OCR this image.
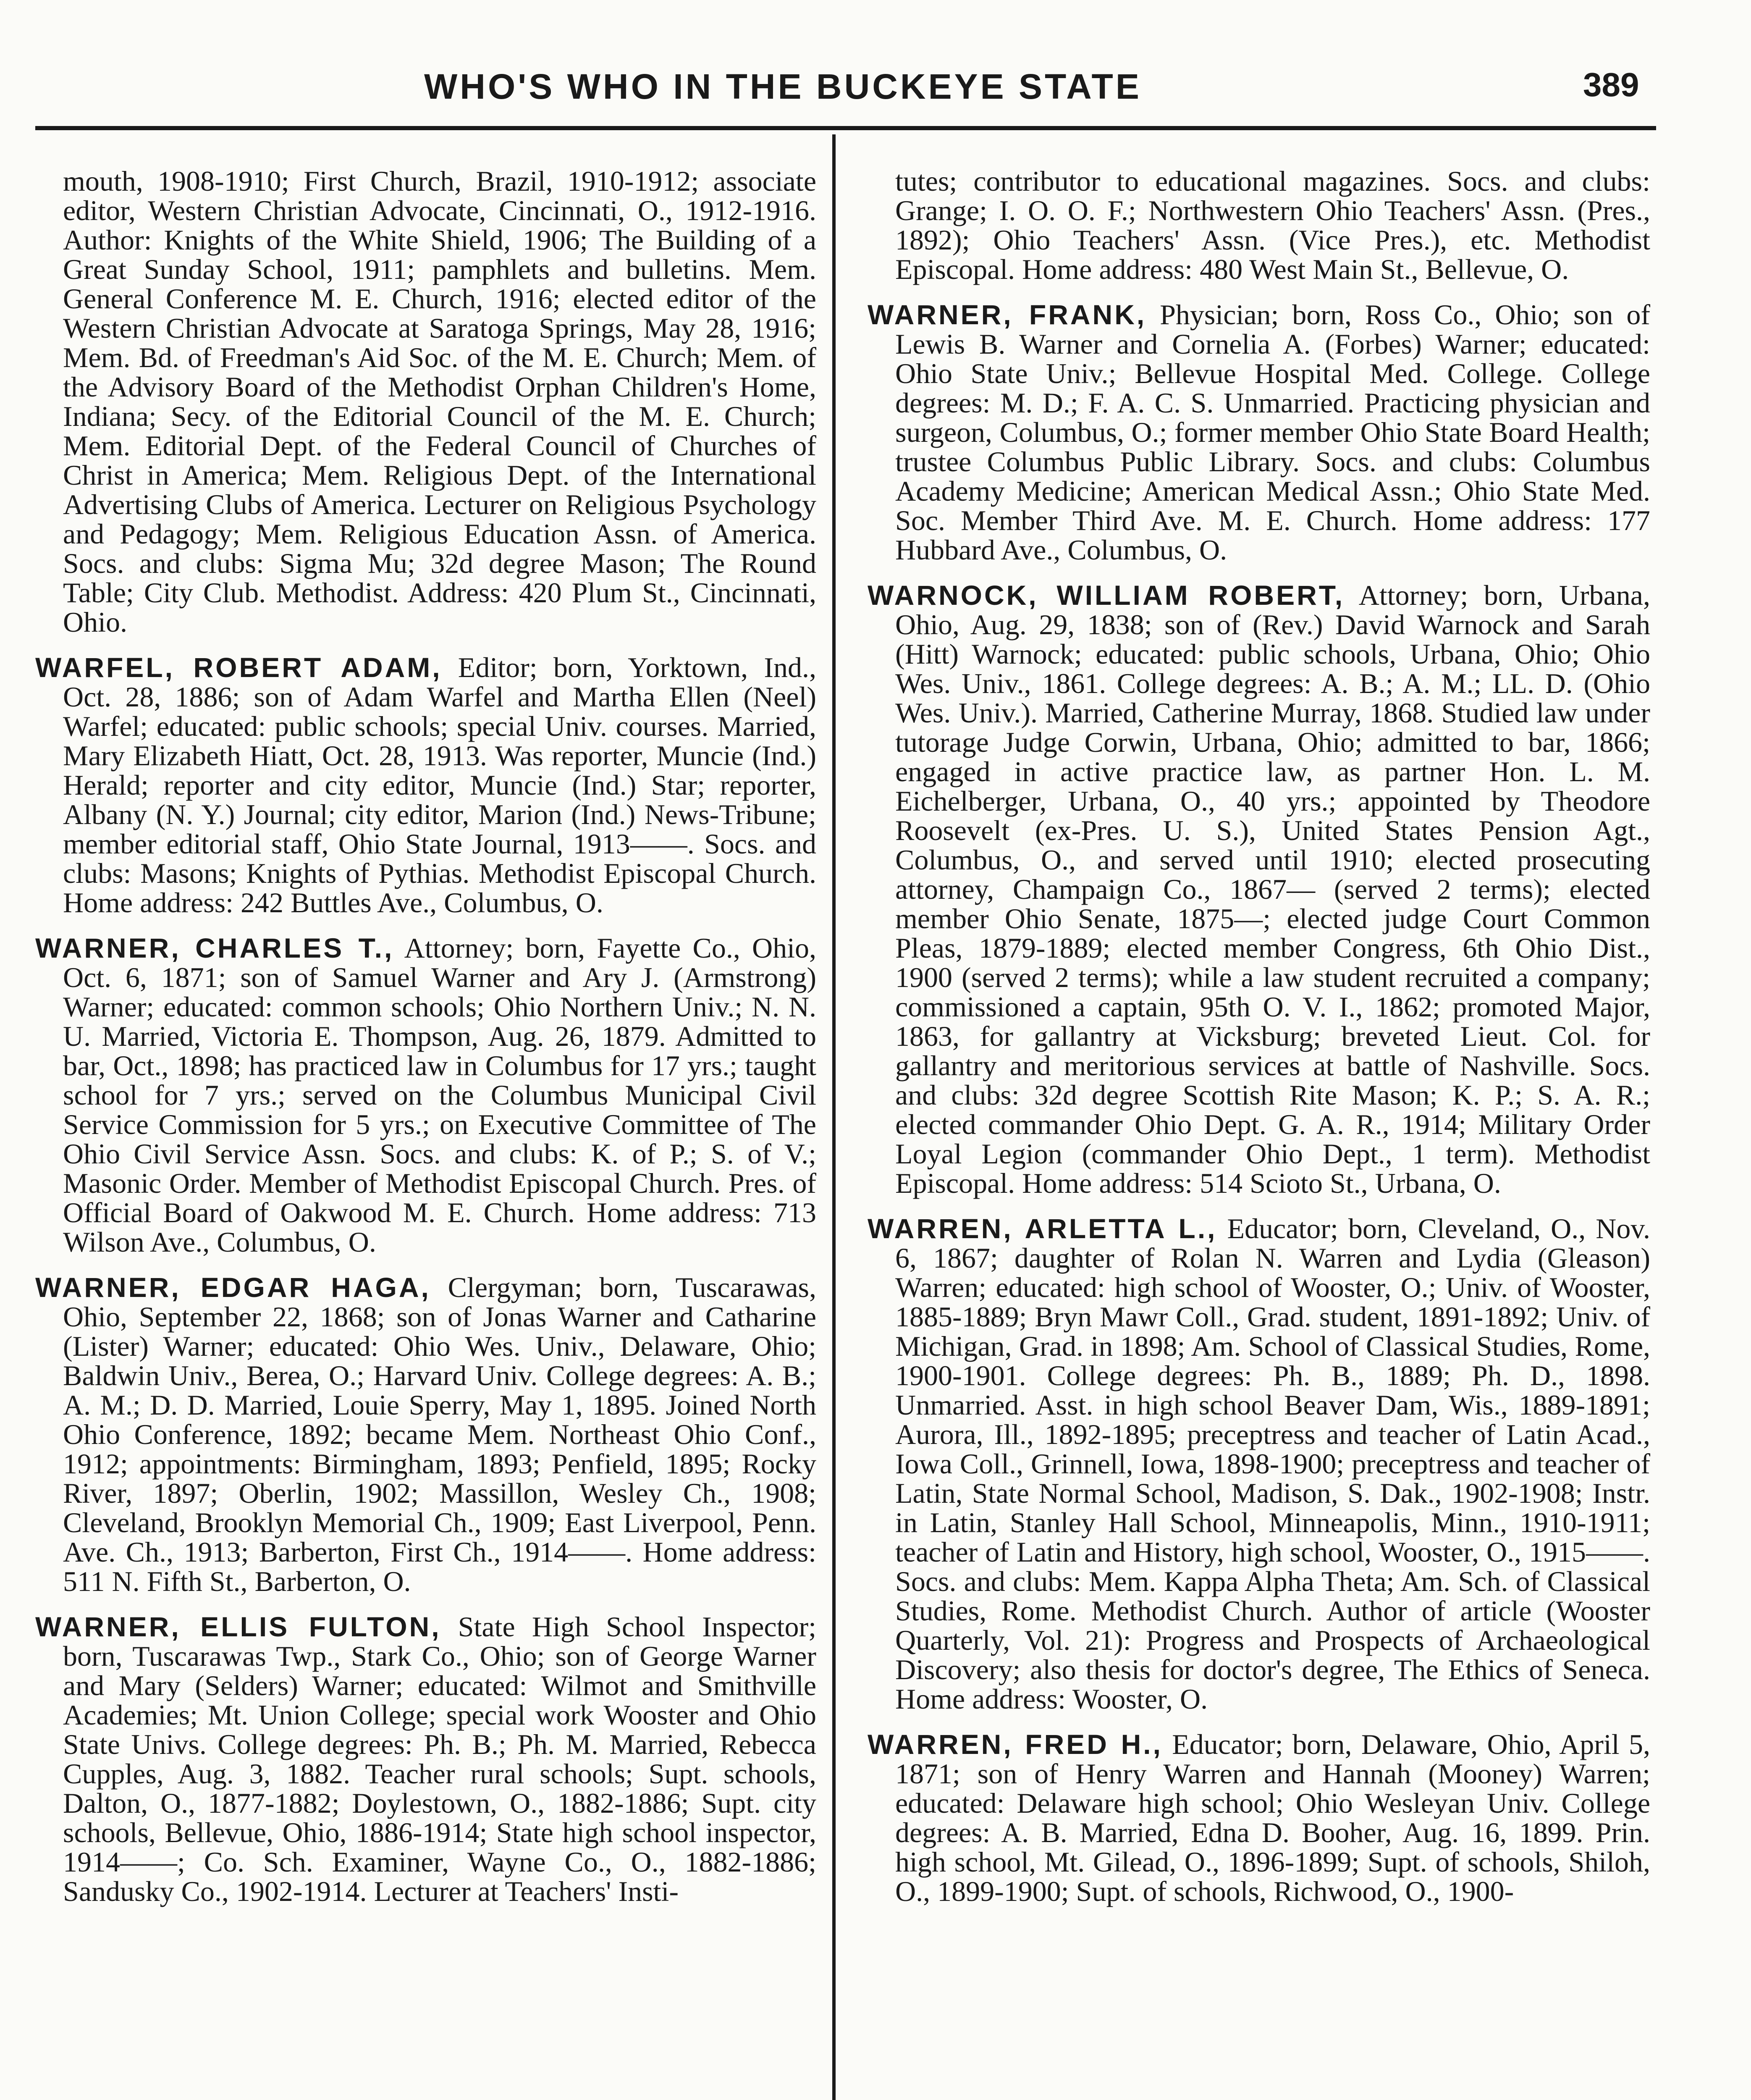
WHO'S WHO IN THE BUCKEYE STATE	389

mouth, 1908-1910; First Church, Brazil, 1910-1912; associate editor, Western Christian Advocate, Cincinnati, O., 1912-1916. Author: Knights of the White Shield, 1906; The Building of a Great Sunday School, 1911; pamphlets and bulletins. Mem. General Conference M. E. Church, 1916; elected editor of the Western Christian Advocate at Saratoga Springs, May 28, 1916; Mem. Bd. of Freedman's Aid Soc. of the M. E. Church; Mem. of the Advisory Board of the Methodist Orphan Children's Home, Indiana; Secy. of the Editorial Council of the M. E. Church; Mem. Editorial Dept. of the Federal Council of Churches of Christ in America; Mem. Religious Dept. of the International Advertising Clubs of America. Lecturer on Religious Psychology and Pedagogy; Mem. Religious Education Assn. of America. Socs. and clubs: Sigma Mu; 32d degree Mason; The Round Table; City Club. Methodist. Address: 420 Plum St., Cincinnati, Ohio.

WARFEL, ROBERT ADAM, Editor; born, Yorktown, Ind., Oct. 28, 1886; son of Adam Warfel and Martha Ellen (Neel) Warfel; educated: public schools; special Univ. courses. Married, Mary Elizabeth Hiatt, Oct. 28, 1913. Was reporter, Muncie (Ind.) Herald; reporter and city editor, Muncie (Ind.) Star; reporter, Albany (N. Y.) Journal; city editor, Marion (Ind.) News-Tribune; member editorial staff, Ohio State Journal, 1913——. Socs. and clubs: Masons; Knights of Pythias. Methodist Episcopal Church. Home address: 242 Buttles Ave., Columbus, O.

WARNER, CHARLES T., Attorney; born, Fayette Co., Ohio, Oct. 6, 1871; son of Samuel Warner and Ary J. (Armstrong) Warner; educated: common schools; Ohio Northern Univ.; N. N. U. Married, Victoria E. Thompson, Aug. 26, 1879. Admitted to bar, Oct., 1898; has practiced law in Columbus for 17 yrs.; taught school for 7 yrs.; served on the Columbus Municipal Civil Service Commission for 5 yrs.; on Executive Committee of The Ohio Civil Service Assn. Socs. and clubs: K. of P.; S. of V.; Masonic Order. Member of Methodist Episcopal Church. Pres. of Official Board of Oakwood M. E. Church. Home address: 713 Wilson Ave., Columbus, O.

WARNER, EDGAR HAGA, Clergyman; born, Tuscarawas, Ohio, September 22, 1868; son of Jonas Warner and Catharine (Lister) Warner; educated: Ohio Wes. Univ., Delaware, Ohio; Baldwin Univ., Berea, O.; Harvard Univ. College degrees: A. B.; A. M.; D. D. Married, Louie Sperry, May 1, 1895. Joined North Ohio Conference, 1892; became Mem. Northeast Ohio Conf., 1912; appointments: Birmingham, 1893; Penfield, 1895; Rocky River, 1897; Oberlin, 1902; Massillon, Wesley Ch., 1908; Cleveland, Brooklyn Memorial Ch., 1909; East Liverpool, Penn. Ave. Ch., 1913; Barberton, First Ch., 1914——. Home address: 511 N. Fifth St., Barberton, O.

WARNER, ELLIS FULTON, State High School Inspector; born, Tuscarawas Twp., Stark Co., Ohio; son of George Warner and Mary (Selders) Warner; educated: Wilmot and Smithville Academies; Mt. Union College; special work Wooster and Ohio State Univs. College degrees: Ph. B.; Ph. M. Married, Rebecca Cupples, Aug. 3, 1882. Teacher rural schools; Supt. schools, Dalton, O., 1877-1882; Doylestown, O., 1882-1886; Supt. city schools, Bellevue, Ohio, 1886-1914; State high school inspector, 1914——; Co. Sch. Examiner, Wayne Co., O., 1882-1886; Sandusky Co., 1902-1914. Lecturer at Teachers' Insti-

tutes; contributor to educational magazines. Socs. and clubs: Grange; I. O. O. F.; Northwestern Ohio Teachers' Assn. (Pres., 1892); Ohio Teachers' Assn. (Vice Pres.), etc. Methodist Episcopal. Home address: 480 West Main St., Bellevue, O.

WARNER, FRANK, Physician; born, Ross Co., Ohio; son of Lewis B. Warner and Cornelia A. (Forbes) Warner; educated: Ohio State Univ.; Bellevue Hospital Med. College. College degrees: M. D.; F. A. C. S. Unmarried. Practicing physician and surgeon, Columbus, O.; former member Ohio State Board Health; trustee Columbus Public Library. Socs. and clubs: Columbus Academy Medicine; American Medical Assn.; Ohio State Med. Soc. Member Third Ave. M. E. Church. Home address: 177 Hubbard Ave., Columbus, O.

WARNOCK, WILLIAM ROBERT, Attorney; born, Urbana, Ohio, Aug. 29, 1838; son of (Rev.) David Warnock and Sarah (Hitt) Warnock; educated: public schools, Urbana, Ohio; Ohio Wes. Univ., 1861. College degrees: A. B.; A. M.; LL. D. (Ohio Wes. Univ.). Married, Catherine Murray, 1868. Studied law under tutorage Judge Corwin, Urbana, Ohio; admitted to bar, 1866; engaged in active practice law, as partner Hon. L. M. Eichelberger, Urbana, O., 40 yrs.; appointed by Theodore Roosevelt (ex-Pres. U. S.), United States Pension Agt., Columbus, O., and served until 1910; elected prosecuting attorney, Champaign Co., 1867— (served 2 terms); elected member Ohio Senate, 1875—; elected judge Court Common Pleas, 1879-1889; elected member Congress, 6th Ohio Dist., 1900 (served 2 terms); while a law student recruited a company; commissioned a captain, 95th O. V. I., 1862; promoted Major, 1863, for gallantry at Vicksburg; breveted Lieut. Col. for gallantry and meritorious services at battle of Nashville. Socs. and clubs: 32d degree Scottish Rite Mason; K. P.; S. A. R.; elected commander Ohio Dept. G. A. R., 1914; Military Order Loyal Legion (commander Ohio Dept., 1 term). Methodist Episcopal. Home address: 514 Scioto St., Urbana, O.

WARREN, ARLETTA L., Educator; born, Cleveland, O., Nov. 6, 1867; daughter of Rolan N. Warren and Lydia (Gleason) Warren; educated: high school of Wooster, O.; Univ. of Wooster, 1885-1889; Bryn Mawr Coll., Grad. student, 1891-1892; Univ. of Michigan, Grad. in 1898; Am. School of Classical Studies, Rome, 1900-1901. College degrees: Ph. B., 1889; Ph. D., 1898. Unmarried. Asst. in high school Beaver Dam, Wis., 1889-1891; Aurora, Ill., 1892-1895; preceptress and teacher of Latin Acad., Iowa Coll., Grinnell, Iowa, 1898-1900; preceptress and teacher of Latin, State Normal School, Madison, S. Dak., 1902-1908; Instr. in Latin, Stanley Hall School, Minneapolis, Minn., 1910-1911; teacher of Latin and History, high school, Wooster, O., 1915——. Socs. and clubs: Mem. Kappa Alpha Theta; Am. Sch. of Classical Studies, Rome. Methodist Church. Author of article (Wooster Quarterly, Vol. 21): Progress and Prospects of Archaeological Discovery; also thesis for doctor's degree, The Ethics of Seneca. Home address: Wooster, O.

WARREN, FRED H., Educator; born, Delaware, Ohio, April 5, 1871; son of Henry Warren and Hannah (Mooney) Warren; educated: Delaware high school; Ohio Wesleyan Univ. College degrees: A. B. Married, Edna D. Booher, Aug. 16, 1899. Prin. high school, Mt. Gilead, O., 1896-1899; Supt. of schools, Shiloh, O., 1899-1900; Supt. of schools, Richwood, O., 1900-
